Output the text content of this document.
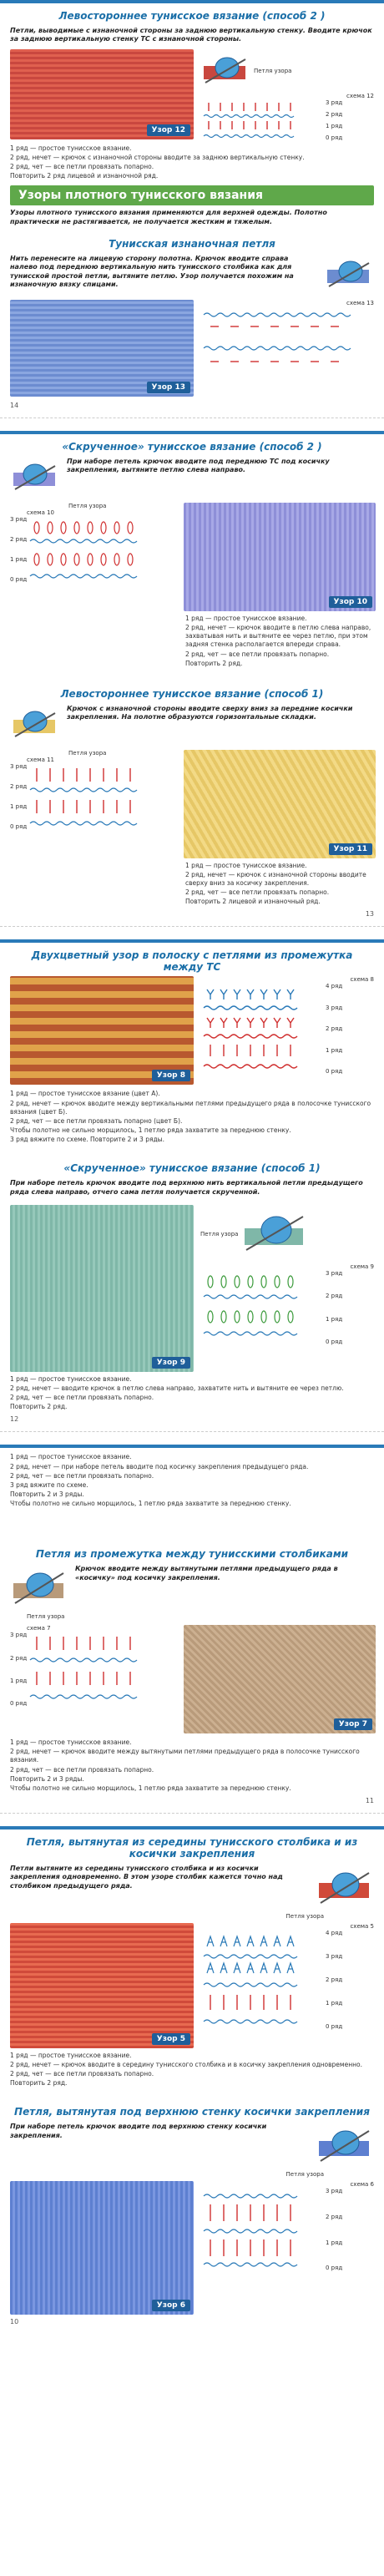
Левостороннее тунисское вязание (способ 2 )
Петли, выводимые с изнаночной стороны за заднюю вертикальную стенку. Вводите крючок за заднюю вертикальную стенку ТС с изнаночной стороны.
Узор 12
Петля узора
схема 12
3 ряд
2 ряд
1 ряд
0 ряд

1 ряд — простое тунисское вязание.

2 ряд, нечет — крючок с изнаночной стороны вводите за заднюю вертикальную стенку.

2 ряд, чет — все петли провязать попарно.

Повторить 2 ряд лицевой и изнаночной ряд.

Узоры плотного тунисского вязания
Узоры плотного тунисского вязания применяются для верхней одежды. Полотно практически не растягивается, не получается жестким и тяжелым.
Тунисская изнаночная петля
Нить перенесите на лицевую сторону полотна. Крючок вводите справа налево под переднюю вертикальную нить тунисского столбика как для тунисской простой петли, вытяните петлю. Узор получается похожим на изнаночную вязку спицами.
Узор 13
схема 13
14
«Скрученное» тунисское вязание (способ 2 )
При наборе петель крючок вводите под переднюю ТС под косичку закрепления, вытяните петлю слева направо.
Петля узора
схема 10
3 ряд
2 ряд
1 ряд
0 ряд
Узор 10

1 ряд — простое тунисское вязание.

2 ряд, нечет — крючок вводите в петлю слева направо, захватывая нить и вытяните ее через петлю, при этом задняя стенка располагается впереди справа.

2 ряд, чет — все петли провязать попарно.

Повторить 2 ряд.

Левостороннее тунисское вязание (способ 1)
Крючок с изнаночной стороны вводите сверху вниз за передние косички закрепления. На полотне образуются горизонтальные складки.
Петля узора
схема 11
3 ряд
2 ряд
1 ряд
0 ряд
Узор 11

1 ряд — простое тунисское вязание.

2 ряд, нечет — крючок с изнаночной стороны вводите сверху вниз за косичку закрепления.

2 ряд, чет — все петли провязать попарно.

Повторить 2 лицевой и изнаночный ряд.

13
Двухцветный узор в полоску с петлями из промежутка между ТС
Узор 8
схема 8
4 ряд
3 ряд
2 ряд
1 ряд
0 ряд

1 ряд — простое тунисское вязание (цвет А).

2 ряд, нечет — крючок вводите между вертикальными петлями предыдущего ряда в полосочке тунисского вязания (цвет Б).

2 ряд, чет — все петли провязать попарно (цвет Б).

Чтобы полотно не сильно морщилось, 1 петлю ряда захватите за переднюю стенку.

3 ряд вяжите по схеме. Повторите 2 и 3 ряды.

«Скрученное» тунисское вязание (способ 1)
При наборе петель крючок вводите под верхнюю нить вертикальной петли предыдущего ряда слева направо, отчего сама петля получается скрученной.
Узор 9
Петля узора
схема 9
3 ряд
2 ряд
1 ряд
0 ряд

1 ряд — простое тунисское вязание.

2 ряд, нечет — вводите крючок в петлю слева направо, захватите нить и вытяните ее через петлю.

2 ряд, чет — все петли провязать попарно.

Повторить 2 ряд.

12

1 ряд — простое тунисское вязание.

2 ряд, нечет — при наборе петель вводите под косичку закрепления предыдущего ряда.

2 ряд, чет — все петли провязать попарно.

3 ряд вяжите по схеме.

Повторить 2 и 3 ряды.

Чтобы полотно не сильно морщилось, 1 петлю ряда захватите за переднюю стенку.

Петля из промежутка между тунисскими столбиками
Крючок вводите между вытянутыми петлями предыдущего ряда в «косичку» под косичку закрепления.
Петля узора
схема 7
3 ряд
2 ряд
1 ряд
0 ряд
Узор 7

1 ряд — простое тунисское вязание.

2 ряд, нечет — крючок вводите между вытянутыми петлями предыдущего ряда в полосочке тунисского вязания.

2 ряд, чет — все петли провязать попарно.

Повторить 2 и 3 ряды.

Чтобы полотно не сильно морщилось, 1 петлю ряда захватите за переднюю стенку.

11
Петля, вытянутая из середины тунисского столбика и из косички закрепления
Петли вытяните из середины тунисского столбика и из косички закрепления одновременно. В этом узоре столбик кажется точно над столбиком предыдущего ряда.
Петля узора
Узор 5
схема 5
4 ряд
3 ряд
2 ряд
1 ряд
0 ряд

1 ряд — простое тунисское вязание.

2 ряд, нечет — крючок вводите в середину тунисского столбика и в косичку закрепления одновременно.

2 ряд, чет — все петли провязать попарно.

Повторить 2 ряд.

Петля, вытянутая под верхнюю стенку косички закрепления
При наборе петель крючок вводите под верхнюю стенку косички закрепления.
Петля узора
Узор 6
схема 6
3 ряд
2 ряд
1 ряд
0 ряд
10
